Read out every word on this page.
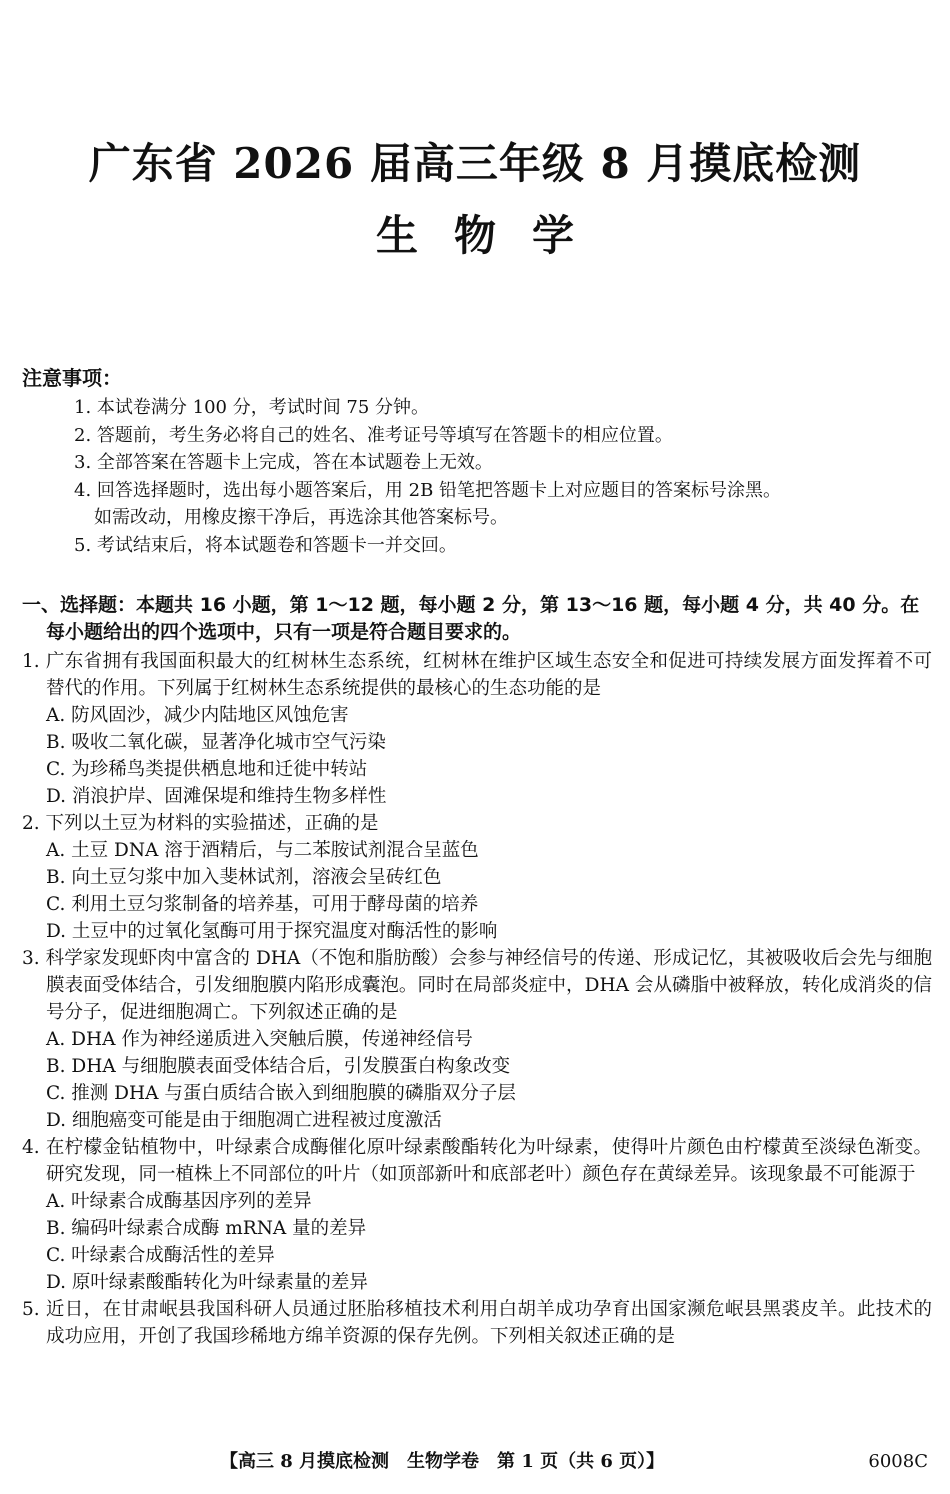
广东省 2026 届高三年级 8 月摸底检测
生物学
注意事项：
1. 本试卷满分 100 分，考试时间 75 分钟。
2. 答题前，考生务必将自己的姓名、准考证号等填写在答题卡的相应位置。
3. 全部答案在答题卡上完成，答在本试题卷上无效。
4. 回答选择题时，选出每小题答案后，用 2B 铅笔把答题卡上对应题目的答案标号涂黑。
如需改动，用橡皮擦干净后，再选涂其他答案标号。
5. 考试结束后，将本试题卷和答题卡一并交回。
一、选择题：本题共 16 小题，第 1～12 题，每小题 2 分，第 13～16 题，每小题 4 分，共 40 分。在
每小题给出的四个选项中，只有一项是符合题目要求的。
1. 广东省拥有我国面积最大的红树林生态系统，红树林在维护区域生态安全和促进可持续发展方面发挥着不可替代的作用。下列属于红树林生态系统提供的最核心的生态功能的是
A. 防风固沙，减少内陆地区风蚀危害
B. 吸收二氧化碳，显著净化城市空气污染
C. 为珍稀鸟类提供栖息地和迁徙中转站
D. 消浪护岸、固滩保堤和维持生物多样性
2. 下列以土豆为材料的实验描述，正确的是
A. 土豆 DNA 溶于酒精后，与二苯胺试剂混合呈蓝色
B. 向土豆匀浆中加入斐林试剂，溶液会呈砖红色
C. 利用土豆匀浆制备的培养基，可用于酵母菌的培养
D. 土豆中的过氧化氢酶可用于探究温度对酶活性的影响
3. 科学家发现虾肉中富含的 DHA（不饱和脂肪酸）会参与神经信号的传递、形成记忆，其被吸收后会先与细胞膜表面受体结合，引发细胞膜内陷形成囊泡。同时在局部炎症中，DHA 会从磷脂中被释放，转化成消炎的信号分子，促进细胞凋亡。下列叙述正确的是
A. DHA 作为神经递质进入突触后膜，传递神经信号
B. DHA 与细胞膜表面受体结合后，引发膜蛋白构象改变
C. 推测 DHA 与蛋白质结合嵌入到细胞膜的磷脂双分子层
D. 细胞癌变可能是由于细胞凋亡进程被过度激活
4. 在柠檬金钻植物中，叶绿素合成酶催化原叶绿素酸酯转化为叶绿素，使得叶片颜色由柠檬黄至淡绿色渐变。研究发现，同一植株上不同部位的叶片（如顶部新叶和底部老叶）颜色存在黄绿差异。该现象最不可能源于
A. 叶绿素合成酶基因序列的差异
B. 编码叶绿素合成酶 mRNA 量的差异
C. 叶绿素合成酶活性的差异
D. 原叶绿素酸酯转化为叶绿素量的差异
5. 近日，在甘肃岷县我国科研人员通过胚胎移植技术利用白胡羊成功孕育出国家濒危岷县黑裘皮羊。此技术的成功应用，开创了我国珍稀地方绵羊资源的保存先例。下列相关叙述正确的是
【高三 8 月摸底检测　生物学卷　第 1 页（共 6 页）】	6008C
